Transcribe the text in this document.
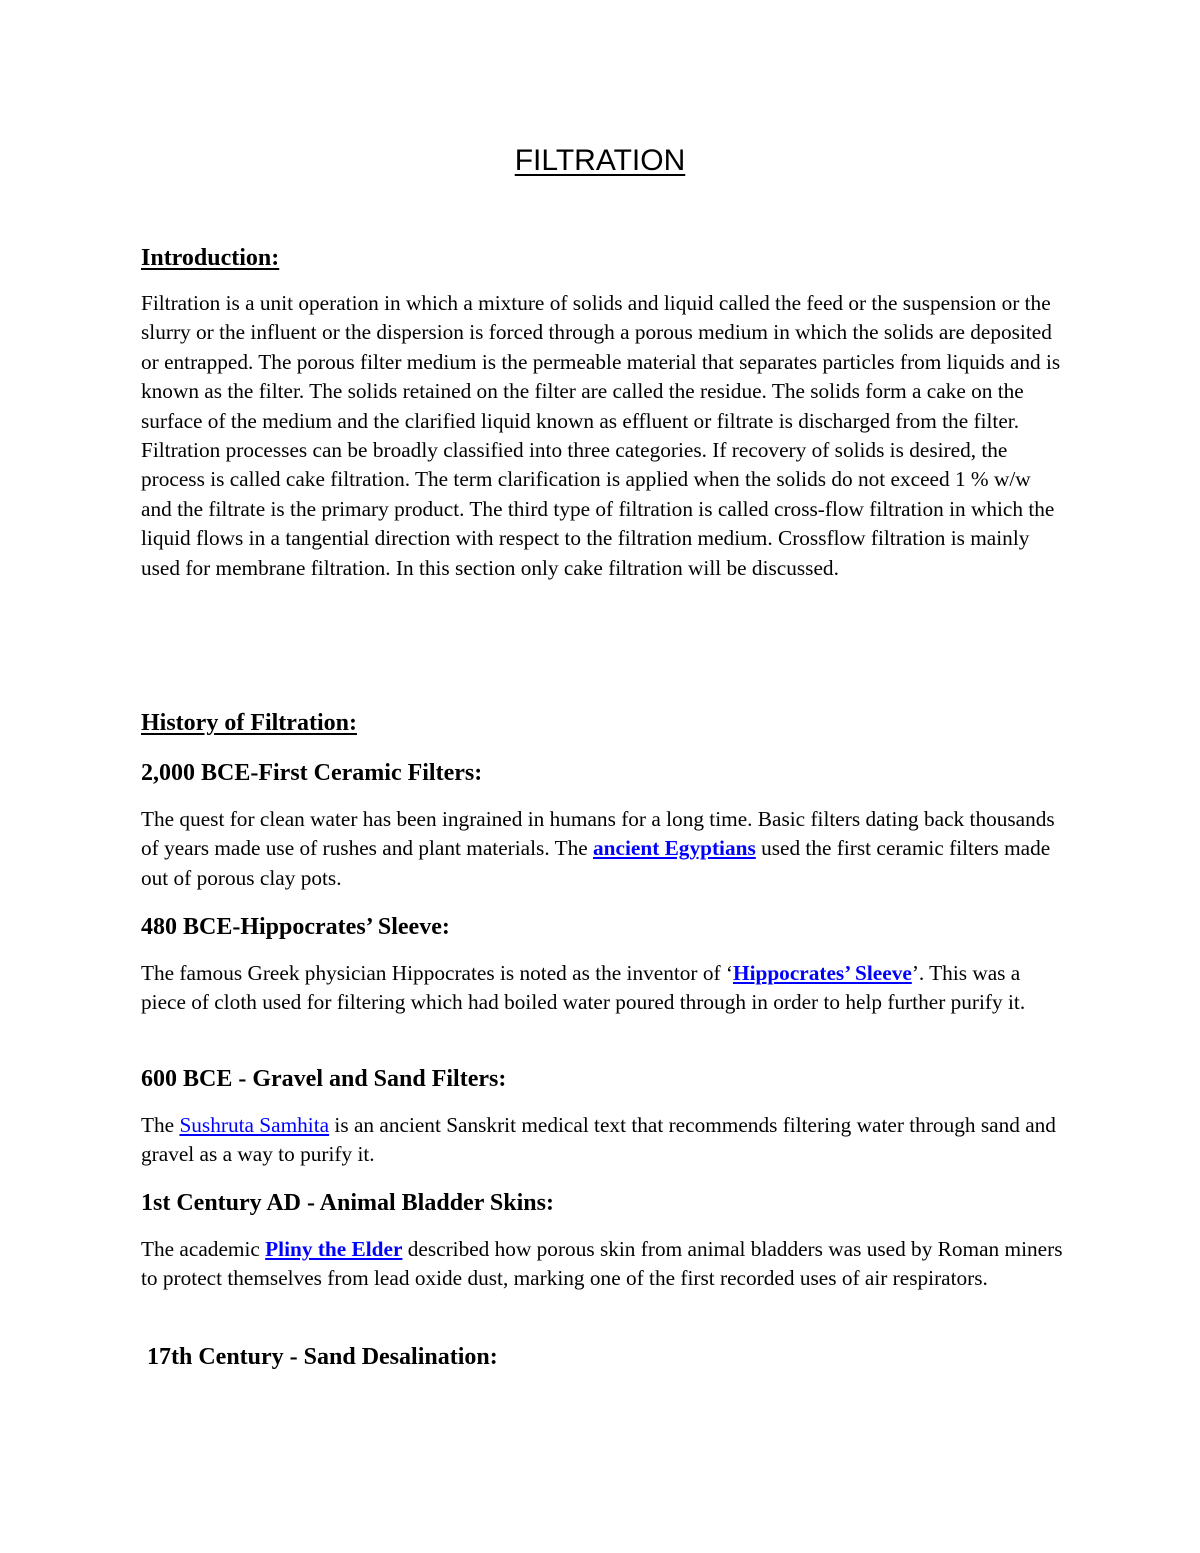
FILTRATION
Introduction:

Filtration is a unit operation in which a mixture of solids and liquid called the feed or the suspension or the slurry or the influent or the dispersion is forced through a porous medium in which the solids are deposited or entrapped. The porous filter medium is the permeable material that separates particles from liquids and is known as the filter. The solids retained on the filter are called the residue. The solids form a cake on the surface of the medium and the clarified liquid known as effluent or filtrate is discharged from the filter. Filtration processes can be broadly classified into three categories. If recovery of solids is desired, the process is called cake filtration. The term clarification is applied when the solids do not exceed 1 % w/w and the filtrate is the primary product. The third type of filtration is called cross-flow filtration in which the liquid flows in a tangential direction with respect to the filtration medium. Crossflow filtration is mainly used for membrane filtration. In this section only cake filtration will be discussed.

History of Filtration:
2,000 BCE-First Ceramic Filters:

The quest for clean water has been ingrained in humans for a long time. Basic filters dating back thousands of years made use of rushes and plant materials. The ancient Egyptians used the first ceramic filters made out of porous clay pots.

480 BCE-Hippocrates’ Sleeve:

The famous Greek physician Hippocrates is noted as the inventor of ‘Hippocrates’ Sleeve’. This was a piece of cloth used for filtering which had boiled water poured through in order to help further purify it.

600 BCE - Gravel and Sand Filters:

The Sushruta Samhita is an ancient Sanskrit medical text that recommends filtering water through sand and gravel as a way to purify it.

1st Century AD - Animal Bladder Skins:

The academic Pliny the Elder described how porous skin from animal bladders was used by Roman miners to protect themselves from lead oxide dust, marking one of the first recorded uses of air respirators.

17th Century - Sand Desalination:
